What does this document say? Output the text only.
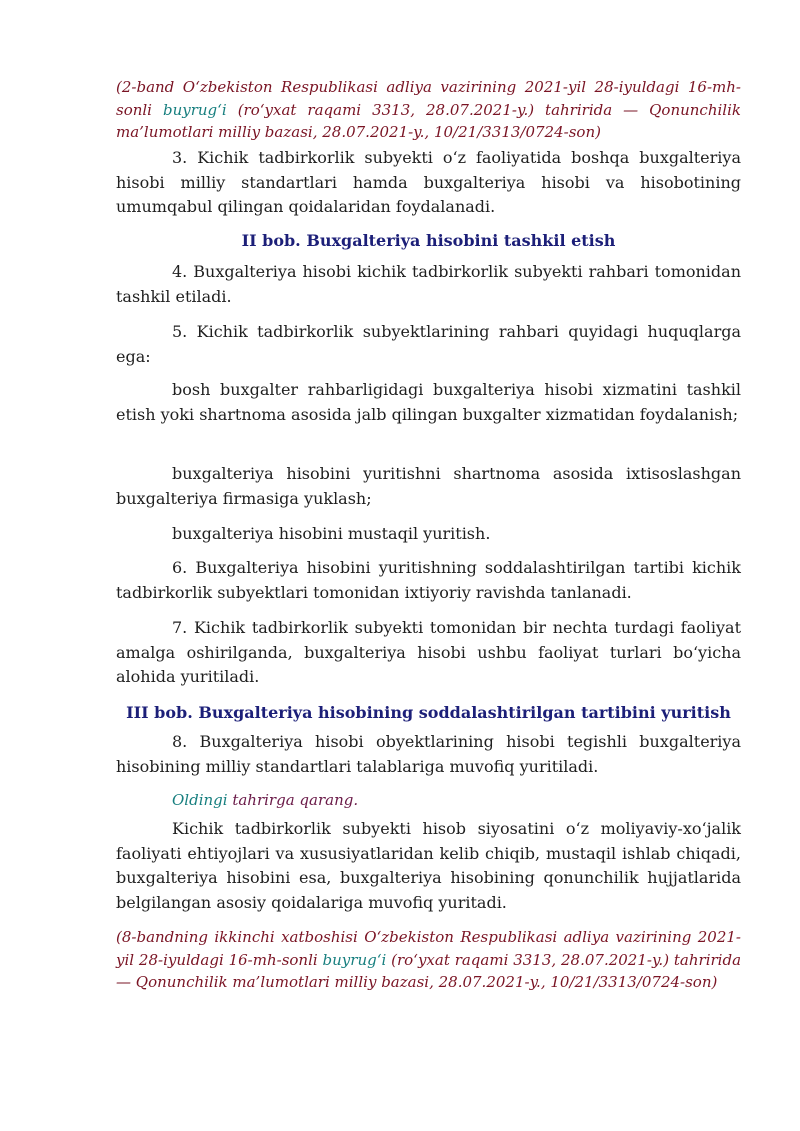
(2-band O‘zbekiston Respublikasi adliya vazirining 2021-yil 28-iyuldagi 16-mh-sonli buyrug‘i (ro‘yxat raqami 3313, 28.07.2021-y.) tahririda — Qonunchilik ma’lumotlari milliy bazasi, 28.07.2021-y., 10/21/3313/0724-son)
3. Kichik tadbirkorlik subyekti o‘z faoliyatida boshqa buxgalteriya hisobi milliy standartlari hamda buxgalteriya hisobi va hisobotining umumqabul qilingan qoidalaridan foydalanadi.
II bob. Buxgalteriya hisobini tashkil etish
4. Buxgalteriya hisobi kichik tadbirkorlik subyekti rahbari tomonidan tashkil etiladi.
5. Kichik tadbirkorlik subyektlarining rahbari quyidagi huquqlarga ega:
bosh buxgalter rahbarligidagi buxgalteriya hisobi xizmatini tashkil etish yoki shartnoma asosida jalb qilingan buxgalter xizmatidan foydalanish;
buxgalteriya hisobini yuritishni shartnoma asosida ixtisoslashgan buxgalteriya firmasiga yuklash;
buxgalteriya hisobini mustaqil yuritish.
6. Buxgalteriya hisobini yuritishning soddalashtirilgan tartibi kichik tadbirkorlik subyektlari tomonidan ixtiyoriy ravishda tanlanadi.
7. Kichik tadbirkorlik subyekti tomonidan bir nechta turdagi faoliyat amalga oshirilganda, buxgalteriya hisobi ushbu faoliyat turlari bo‘yicha alohida yuritiladi.
III bob. Buxgalteriya hisobining soddalashtirilgan tartibini yuritish
8. Buxgalteriya hisobi obyektlarining hisobi tegishli buxgalteriya hisobining milliy standartlari talablariga muvofiq yuritiladi.
Oldingi tahrirga qarang.
Kichik tadbirkorlik subyekti hisob siyosatini o‘z moliyaviy-xo‘jalik faoliyati ehtiyojlari va xususiyatlaridan kelib chiqib, mustaqil ishlab chiqadi, buxgalteriya hisobini esa, buxgalteriya hisobining qonunchilik hujjatlarida belgilangan asosiy qoidalariga muvofiq yuritadi.
(8-bandning ikkinchi xatboshisi O‘zbekiston Respublikasi adliya vazirining 2021-yil 28-iyuldagi 16-mh-sonli buyrug‘i (ro‘yxat raqami 3313, 28.07.2021-y.) tahririda — Qonunchilik ma’lumotlari milliy bazasi, 28.07.2021-y., 10/21/3313/0724-son)
